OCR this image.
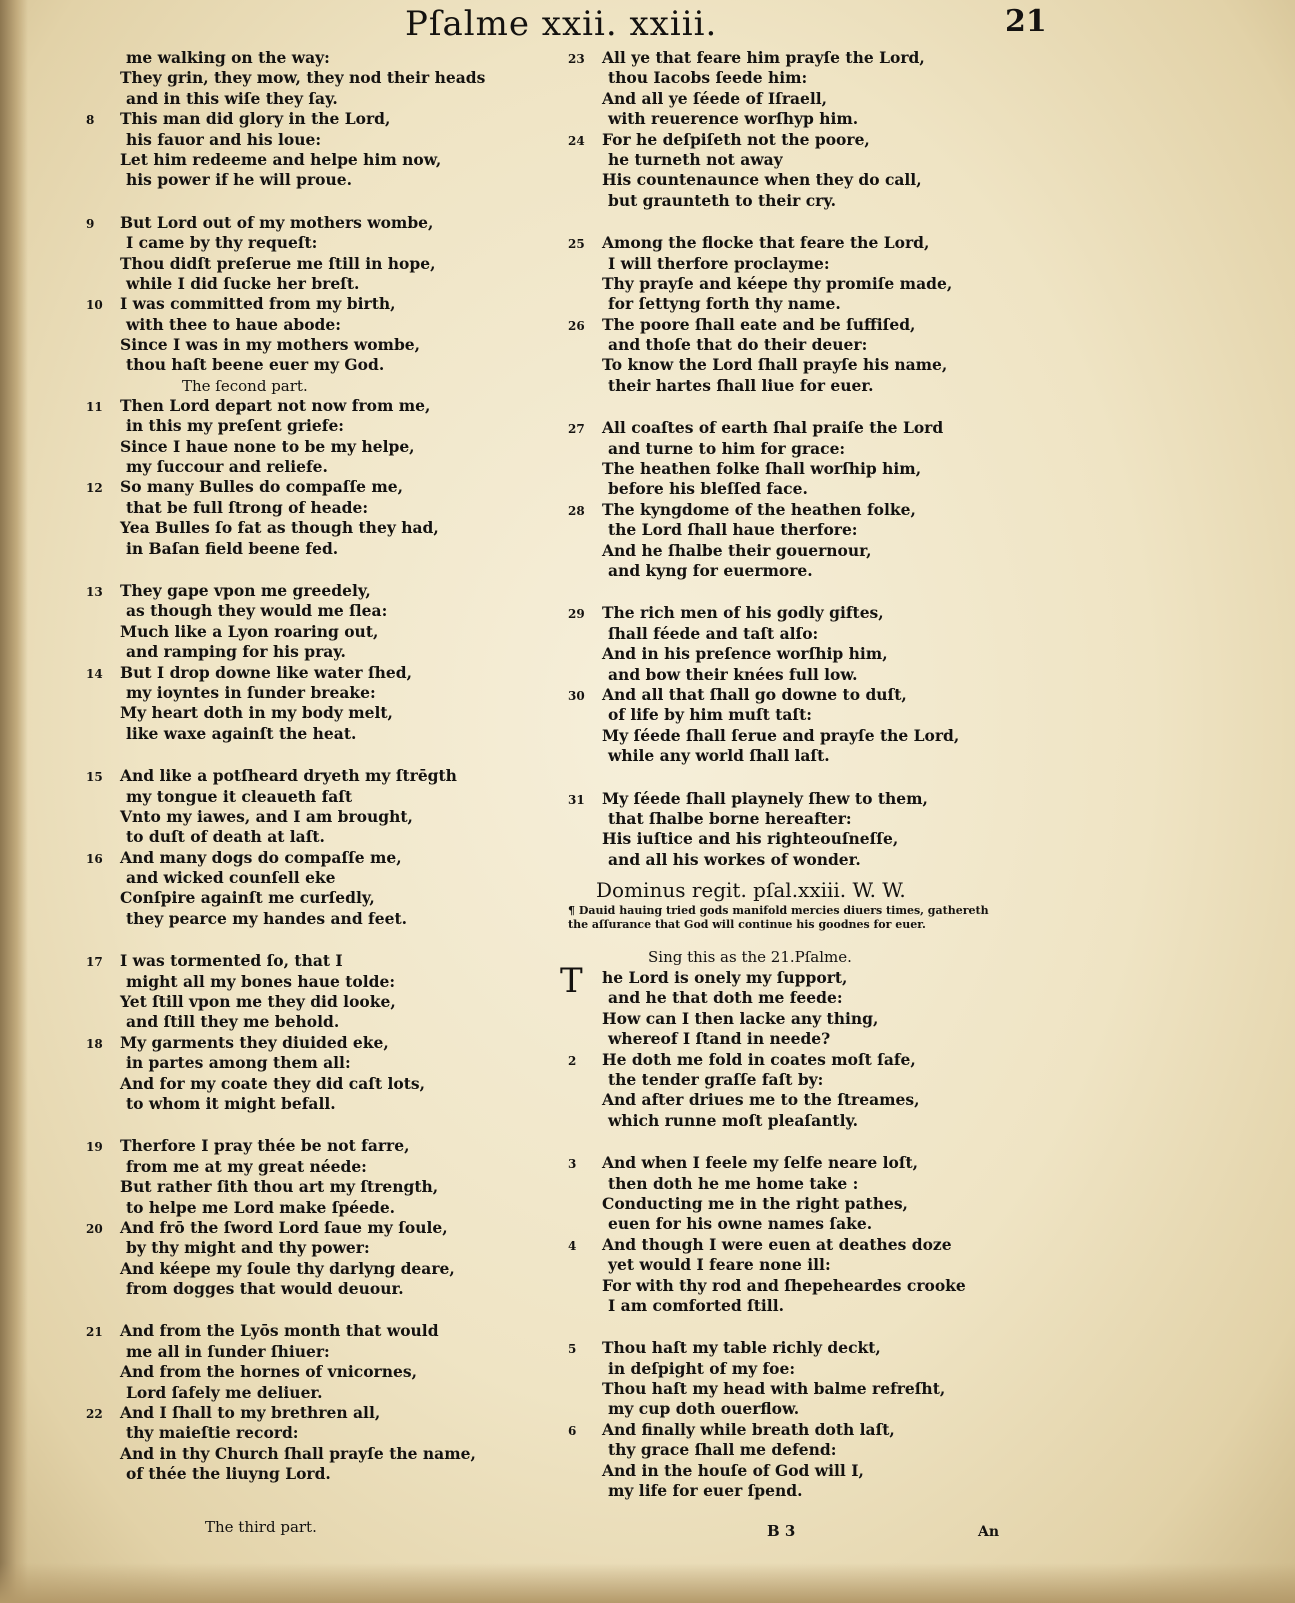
Pſalme xxii. xxiii.	21
me walking on the way:
They grin, they mow, they nod their heads
and in this wiſe they ſay.
8 This man did glory in the Lord,
his fauor and his loue:
Let him redeeme and helpe him now,
his power if he will proue.
9 But Lord out of my mothers wombe,
I came by thy requeſt:
Thou didſt preſerue me ſtill in hope,
while I did ſucke her breſt.
10 I was committed from my birth,
with thee to haue abode:
Since I was in my mothers wombe,
thou haſt beene euer my God.
The ſecond part.
11 Then Lord depart not now from me,
in this my preſent griefe:
Since I haue none to be my helpe,
my ſuccour and reliefe.
12 So many Bulles do compaſſe me,
that be full ſtrong of heade:
Yea Bulles ſo fat as though they had,
in Baſan field beene fed.
13 They gape vpon me greedely,
as though they would me ſlea:
Much like a Lyon roaring out,
and ramping for his pray.
14 But I drop downe like water ſhed,
my ioyntes in ſunder breake:
My heart doth in my body melt,
like waxe againſt the heat.
15 And like a potſheard dryeth my ſtrēgth
my tongue it cleaueth faſt
Vnto my iawes, and I am brought,
to duſt of death at laſt.
16 And many dogs do compaſſe me,
and wicked counſell eke
Conſpire againſt me curſedly,
they pearce my handes and feet.
17 I was tormented ſo, that I
might all my bones haue tolde:
Yet ſtill vpon me they did looke,
and ſtill they me behold.
18 My garments they diuided eke,
in partes among them all:
And for my coate they did caſt lots,
to whom it might befall.
19 Therfore I pray thée be not farre,
from me at my great néede:
But rather ſith thou art my ſtrength,
to helpe me Lord make ſpéede.
20 And frō the ſword Lord ſaue my ſoule,
by thy might and thy power:
And kéepe my ſoule thy darlyng deare,
from dogges that would deuour.
21 And from the Lyōs month that would
me all in ſunder ſhiuer:
And from the hornes of vnicornes,
Lord ſafely me deliuer.
22 And I ſhall to my brethren all,
thy maieſtie record:
And in thy Church ſhall prayſe the name,
of thée the liuyng Lord.
The third part.
23 All ye that feare him prayſe the Lord,
thou Iacobs ſeede him:
And all ye ſéede of Iſraell,
with reuerence worſhyp him.
24 For he deſpiſeth not the poore,
he turneth not away
His countenaunce when they do call,
but graunteth to their cry.
25 Among the flocke that feare the Lord,
I will therfore proclayme:
Thy prayſe and kéepe thy promiſe made,
for ſettyng forth thy name.
26 The poore ſhall eate and be ſuffiſed,
and thoſe that do their deuer:
To know the Lord ſhall prayſe his name,
their hartes ſhall liue for euer.
27 All coaſtes of earth ſhal praiſe the Lord
and turne to him for grace:
The heathen folke ſhall worſhip him,
before his bleſſed face.
28 The kyngdome of the heathen folke,
the Lord ſhall haue therfore:
And he ſhalbe their gouernour,
and kyng for euermore.
29 The rich men of his godly giftes,
ſhall féede and taſt alſo:
And in his preſence worſhip him,
and bow their knées full low.
30 And all that ſhall go downe to duſt,
of life by him muſt taſt:
My ſéede ſhall ſerue and prayſe the Lord,
while any world ſhall laſt.
31 My ſéede ſhall playnely ſhew to them,
that ſhalbe borne hereafter:
His iuſtice and his righteouſneſſe,
and all his workes of wonder.
Dominus regit. pſal.xxiii. W. W.
¶ Dauid hauing tried gods manifold mercies diuers times, gathereth the aſſurance that God will continue his goodnes for euer.
Sing this as the 21.Pſalme.
T he Lord is onely my ſupport,
and he that doth me feede:
How can I then lacke any thing,
whereof I ſtand in neede?
2 He doth me fold in coates moſt ſafe,
the tender graſſe faſt by:
And after driues me to the ſtreames,
which runne moſt pleaſantly.
3 And when I feele my ſelfe neare loſt,
then doth he me home take :
Conducting me in the right pathes,
euen for his owne names ſake.
4 And though I were euen at deathes doze
yet would I feare none ill:
For with thy rod and ſhepeheardes crooke
I am comforted ſtill.
5 Thou haſt my table richly deckt,
in deſpight of my foe:
Thou haſt my head with balme refreſht,
my cup doth ouerflow.
6 And finally while breath doth laſt,
thy grace ſhall me defend:
And in the houſe of God will I,
my life for euer ſpend.
B 3	An
